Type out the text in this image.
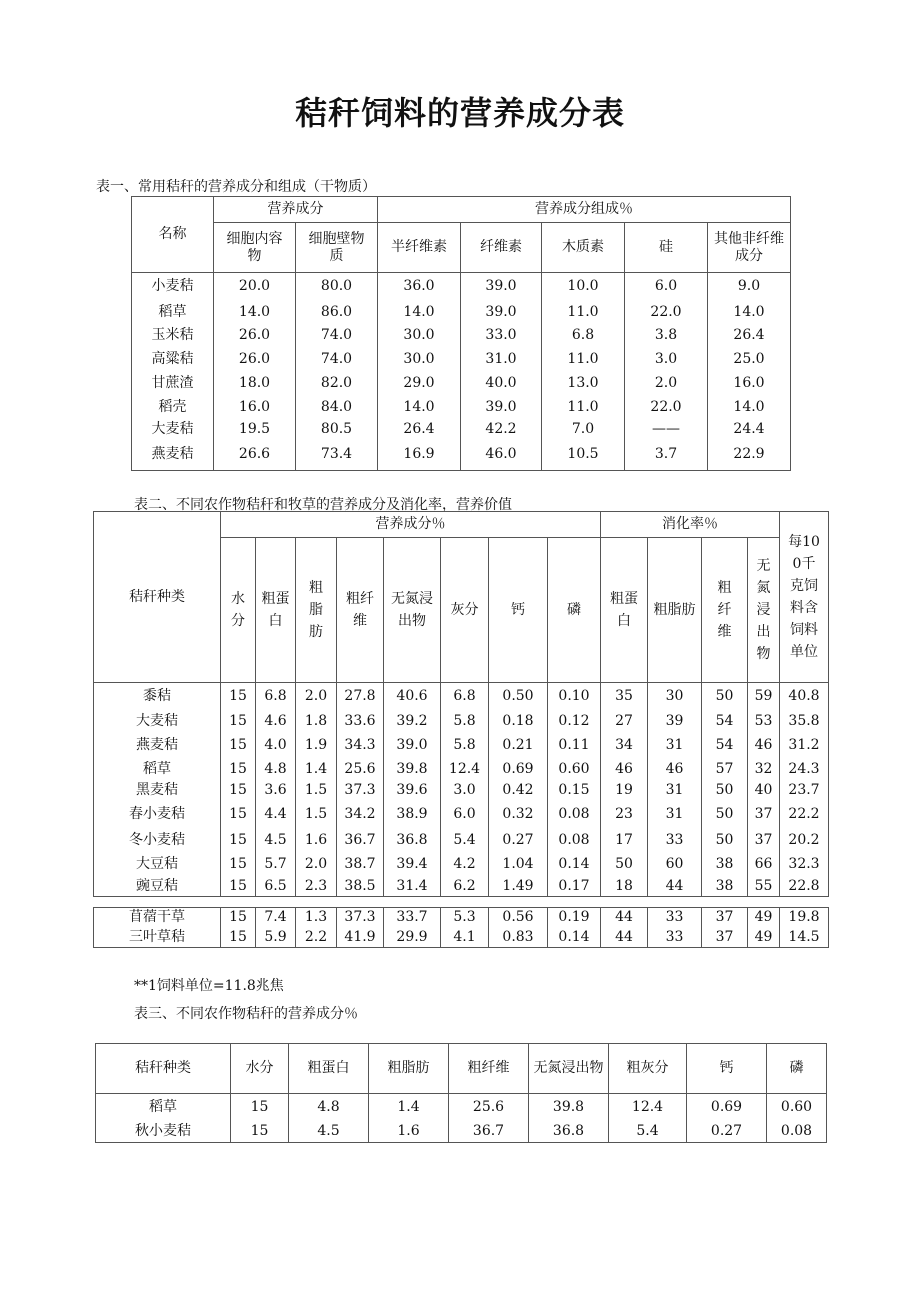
秸秆饲料的营养成分表
表一、常用秸秆的营养成分和组成（干物质）
名称	营养成分		营养成分组成％				
	细胞内容物	细胞壁物质	半纤维素	纤维素	木质素	硅	其他非纤维成分
小麦秸	20.0	80.0	36.0	39.0	10.0	6.0	9.0
稻草	14.0	86.0	14.0	39.0	11.0	22.0	14.0
玉米秸	26.0	74.0	30.0	33.0	6.8	3.8	26.4
高粱秸	26.0	74.0	30.0	31.0	11.0	3.0	25.0
甘蔗渣	18.0	82.0	29.0	40.0	13.0	2.0	16.0
稻壳	16.0	84.0	14.0	39.0	11.0	22.0	14.0
大麦秸	19.5	80.5	26.4	42.2	7.0	——	24.4
燕麦秸	26.6	73.4	16.9	46.0	10.5	3.7	22.9
表二、不同农作物秸秆和牧草的营养成分及消化率，营养价值
秸秆种类	营养成分％								消化率％				每100千克饲料含饲料单位
	水分	粗蛋白	粗脂肪	粗纤维	无氮浸出物	灰分	钙	磷	粗蛋白	粗脂肪	粗纤维	无氮浸出物	
黍秸	15	6.8	2.0	27.8	40.6	6.8	0.50	0.10	35	30	50	59	40.8
大麦秸	15	4.6	1.8	33.6	39.2	5.8	0.18	0.12	27	39	54	53	35.8
燕麦秸	15	4.0	1.9	34.3	39.0	5.8	0.21	0.11	34	31	54	46	31.2
稻草	15	4.8	1.4	25.6	39.8	12.4	0.69	0.60	46	46	57	32	24.3
黑麦秸	15	3.6	1.5	37.3	39.6	3.0	0.42	0.15	19	31	50	40	23.7
春小麦秸	15	4.4	1.5	34.2	38.9	6.0	0.32	0.08	23	31	50	37	22.2
冬小麦秸	15	4.5	1.6	36.7	36.8	5.4	0.27	0.08	17	33	50	37	20.2
大豆秸	15	5.7	2.0	38.7	39.4	4.2	1.04	0.14	50	60	38	66	32.3
豌豆秸	15	6.5	2.3	38.5	31.4	6.2	1.49	0.17	18	44	38	55	22.8
苜蓿干草	15	7.4	1.3	37.3	33.7	5.3	0.56	0.19	44	33	37	49	19.8
三叶草秸	15	5.9	2.2	41.9	29.9	4.1	0.83	0.14	44	33	37	49	14.5
**1饲料单位=11.8兆焦
表三、不同农作物秸秆的营养成分％
秸秆种类	水分	粗蛋白	粗脂肪	粗纤维	无氮浸出物	粗灰分	钙	磷
稻草	15	4.8	1.4	25.6	39.8	12.4	0.69	0.60
秋小麦秸	15	4.5	1.6	36.7	36.8	5.4	0.27	0.08
